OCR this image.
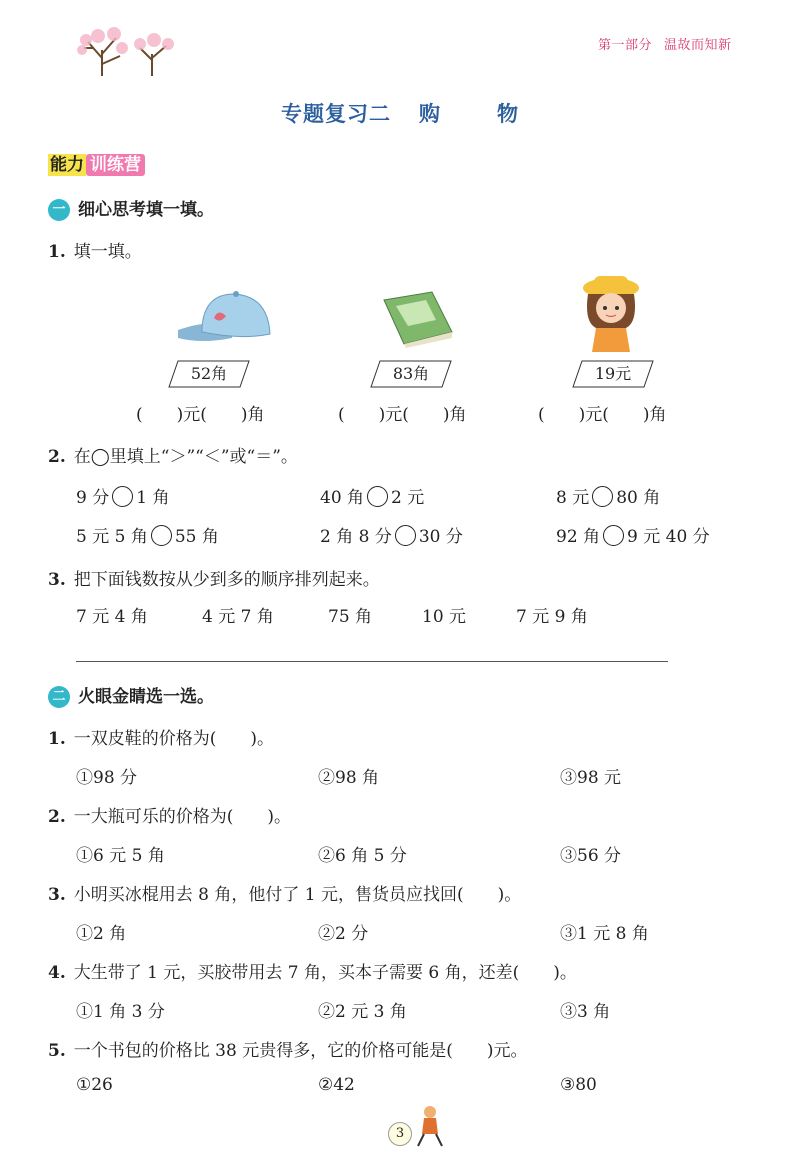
第一部分 温故而知新
专题复习二 购	物
能力 训练营
一 细心思考填一填。
1. 填一填。
52角	83角	19元
(　　)元(　　)角	(　　)元(　　)角	(　　)元(　　)角
2. 在◯里填上“＞”“＜”或“＝”。
9 分 1 角	40 角 2 元	8 元 80 角
5 元 5 角 55 角	2 角 8 分 30 分	92 角 9 元 40 分
3. 把下面钱数按从少到多的顺序排列起来。
7 元 4 角	4 元 7 角	75 角	10 元	7 元 9 角
二 火眼金睛选一选。
1. 一双皮鞋的价格为(　　)。
①98 分	②98 角	③98 元
2. 一大瓶可乐的价格为(　　)。
①6 元 5 角	②6 角 5 分	③56 分
3. 小明买冰棍用去 8 角，他付了 1 元，售货员应找回(　　)。
①2 角	②2 分	③1 元 8 角
4. 大生带了 1 元，买胶带用去 7 角，买本子需要 6 角，还差(　　)。
①1 角 3 分	②2 元 3 角	③3 角
5. 一个书包的价格比 38 元贵得多，它的价格可能是(　　)元。
①26	②42	③80
3
